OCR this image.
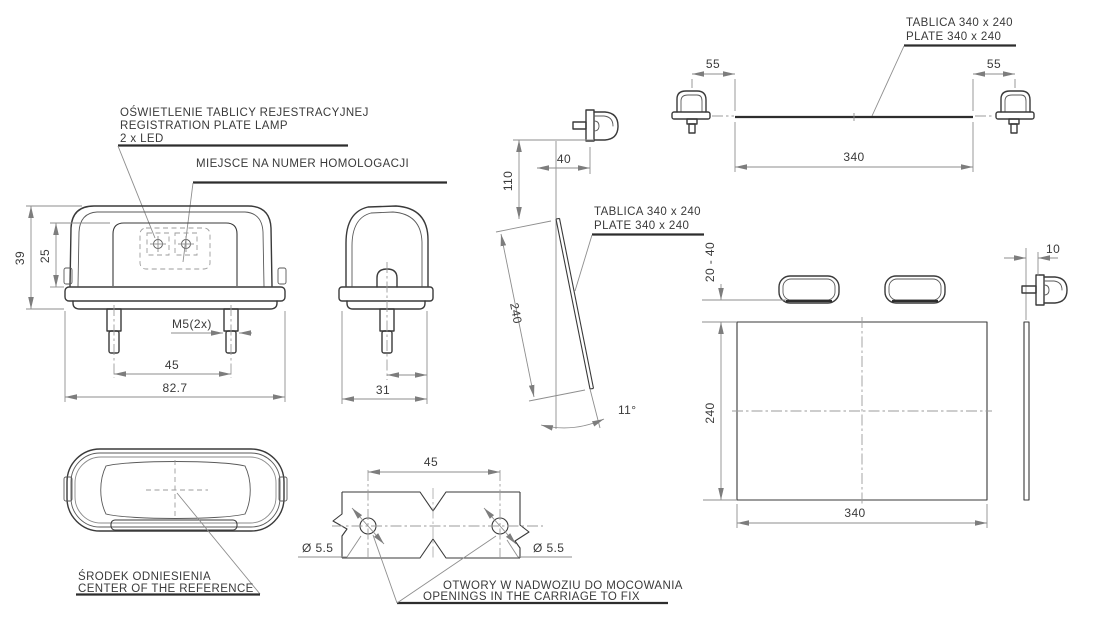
OŚWIETLENIE TABLICY REJESTRACYJNEJ
REGISTRATION PLATE LAMP
2 x LED
MIEJSCE NA NUMER HOMOLOGACJI
39 25
M5(2x)
45
82.7	31
110
40
240
11°
TABLICA 340 x 240
PLATE 340 x 240
TABLICA 340 x 240
PLATE 340 x 240
55	55
340
20 - 40
240
340
10
ŚRODEK ODNIESIENIA
CENTER OF THE REFERENCE
45
Ø 5.5	Ø 5.5
OTWORY W NADWOZIU DO MOCOWANIA
OPENINGS IN THE CARRIAGE TO FIX
